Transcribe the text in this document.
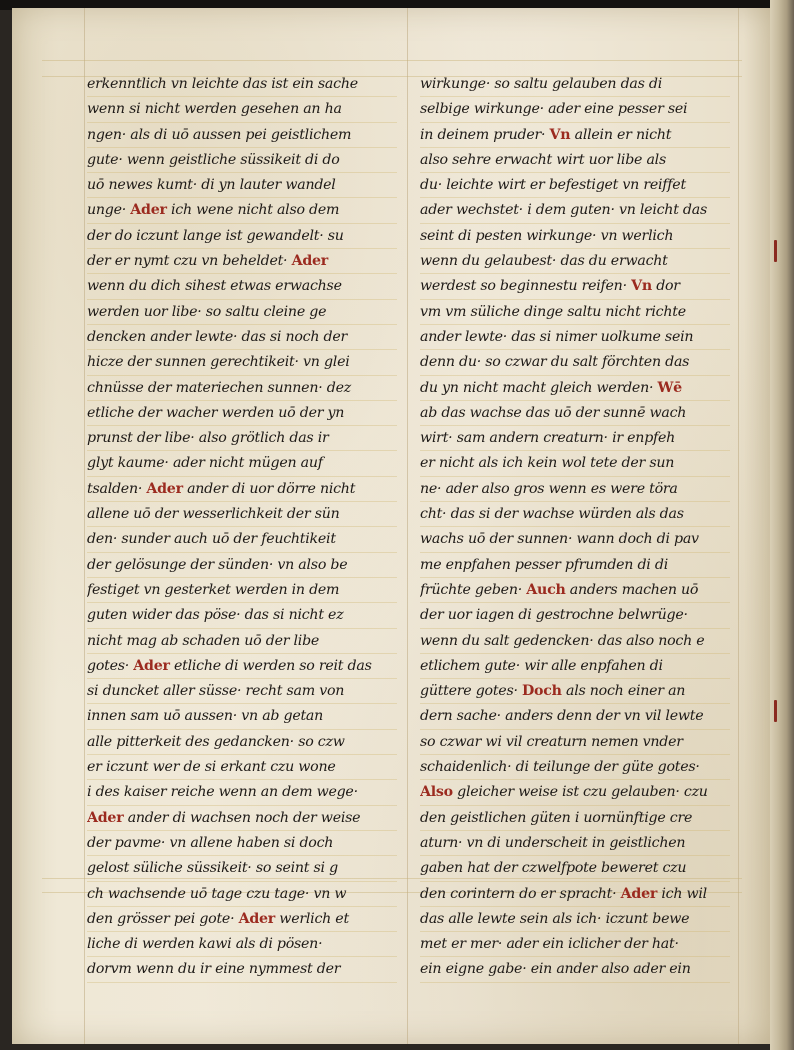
erkenntlich vn leichte das ist ein sache
wenn si nicht werden gesehen an ha
ngen· als di uō aussen pei geistlichem
gute· wenn geistliche süssikeit di do
uō newes kumt· di yn lauter wandel
unge· Ader ich wene nicht also dem
der do iczunt lange ist gewandelt· su
der er nymt czu vn beheldet· Ader
wenn du dich sihest etwas erwachse
werden uor libe· so saltu cleine ge
dencken ander lewte· das si noch der
hicze der sunnen gerechtikeit· vn glei
chnüsse der materiechen sunnen· dez
etliche der wacher werden uō der yn
prunst der libe· also grötlich das ir
glyt kaume· ader nicht mügen auf
tsalden· Ader ander di uor dörre nicht
allene uō der wesserlichkeit der sün
den· sunder auch uō der feuchtikeit
der gelösunge der sünden· vn also be
festiget vn gesterket werden in dem
guten wider das pöse· das si nicht ez
nicht mag ab schaden uō der libe
gotes· Ader etliche di werden so reit das
si duncket aller süsse· recht sam von
innen sam uō aussen· vn ab getan
alle pitterkeit des gedancken· so czw
er iczunt wer de si erkant czu wone
i des kaiser reiche wenn an dem wege·
Ader ander di wachsen noch der weise
der pavme· vn allene haben si doch
gelost süliche süssikeit· so seint si g
ch wachsende uō tage czu tage· vn w
den grösser pei gote· Ader werlich et
liche di werden kawi als di pösen·
dorvm wenn du ir eine nymmest der
wirkunge· so saltu gelauben das di
selbige wirkunge· ader eine pesser sei
in deinem pruder· Vn allein er nicht
also sehre erwacht wirt uor libe als
du· leichte wirt er befestiget vn reiffet
ader wechstet· i dem guten· vn leicht das
seint di pesten wirkunge· vn werlich
wenn du gelaubest· das du erwacht
werdest so beginnestu reifen· Vn dor
vm vm süliche dinge saltu nicht richte
ander lewte· das si nimer uolkume sein
denn du· so czwar du salt förchten das
du yn nicht macht gleich werden· Wē
ab das wachse das uō der sunnē wach
wirt· sam andern creaturn· ir enpfeh
er nicht als ich kein wol tete der sun
ne· ader also gros wenn es were töra
cht· das si der wachse würden als das
wachs uō der sunnen· wann doch di pav
me enpfahen pesser pfrumden di di
früchte geben· Auch anders machen uō
der uor iagen di gestrochne belwrüge·
wenn du salt gedencken· das also noch e
etlichem gute· wir alle enpfahen di
güttere gotes· Doch als noch einer an
dern sache· anders denn der vn vil lewte
so czwar wi vil creaturn nemen vnder
schaidenlich· di teilunge der güte gotes·
Also gleicher weise ist czu gelauben· czu
den geistlichen güten i uornünftige cre
aturn· vn di underscheit in geistlichen
gaben hat der czwelfpote beweret czu
den corintern do er spracht· Ader ich wil
das alle lewte sein als ich· iczunt bewe
met er mer· ader ein iclicher der hat·
ein eigne gabe· ein ander also ader ein
